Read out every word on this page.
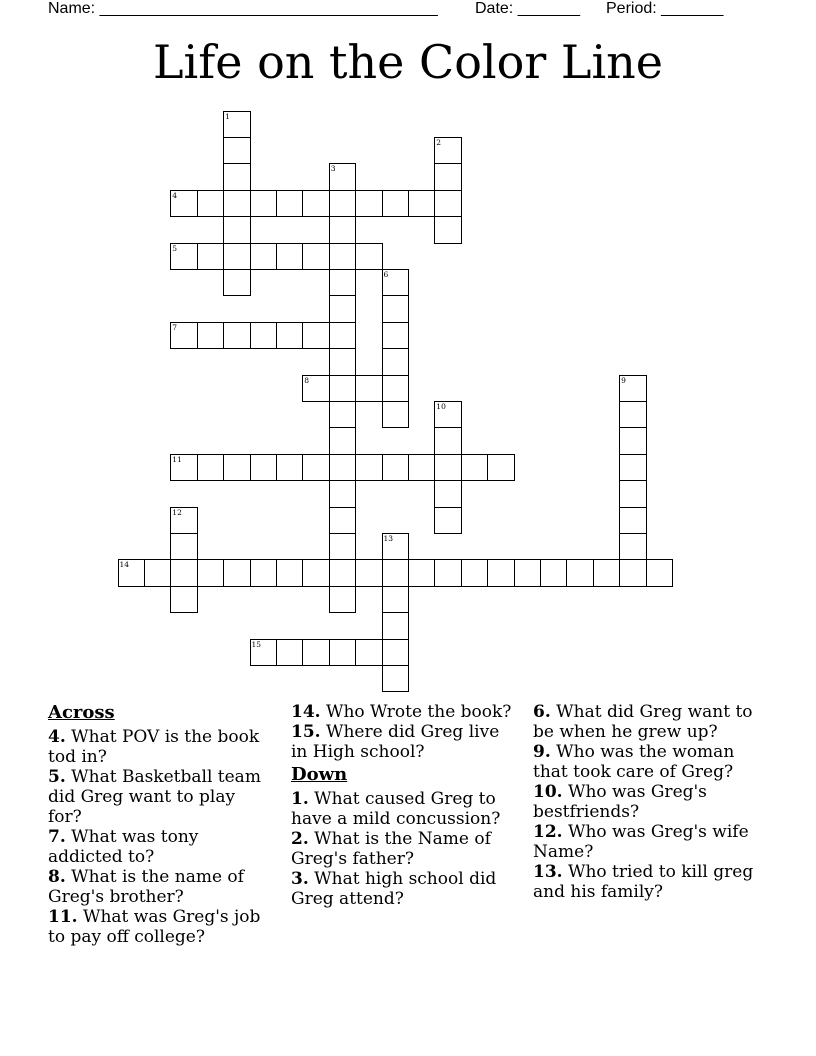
Name: ______________________________________

Date: _______

Period: _______

Life on the Color Line
1
2
3
4
5
6
7
8	9
10
11
12
13
14
15
Across
4. What POV is the book tod in?
5. What Basketball team did Greg want to play for?
7. What was tony addicted to?
8. What is the name of Greg's brother?
11. What was Greg's job to pay off college?
14. Who Wrote the book?
15. Where did Greg live in High school?
Down
1. What caused Greg to have a mild concussion?
2. What is the Name of Greg's father?
3. What high school did Greg attend?
6. What did Greg want to be when he grew up?
9. Who was the woman that took care of Greg?
10. Who was Greg's bestfriends?
12. Who was Greg's wife Name?
13. Who tried to kill greg and his family?
